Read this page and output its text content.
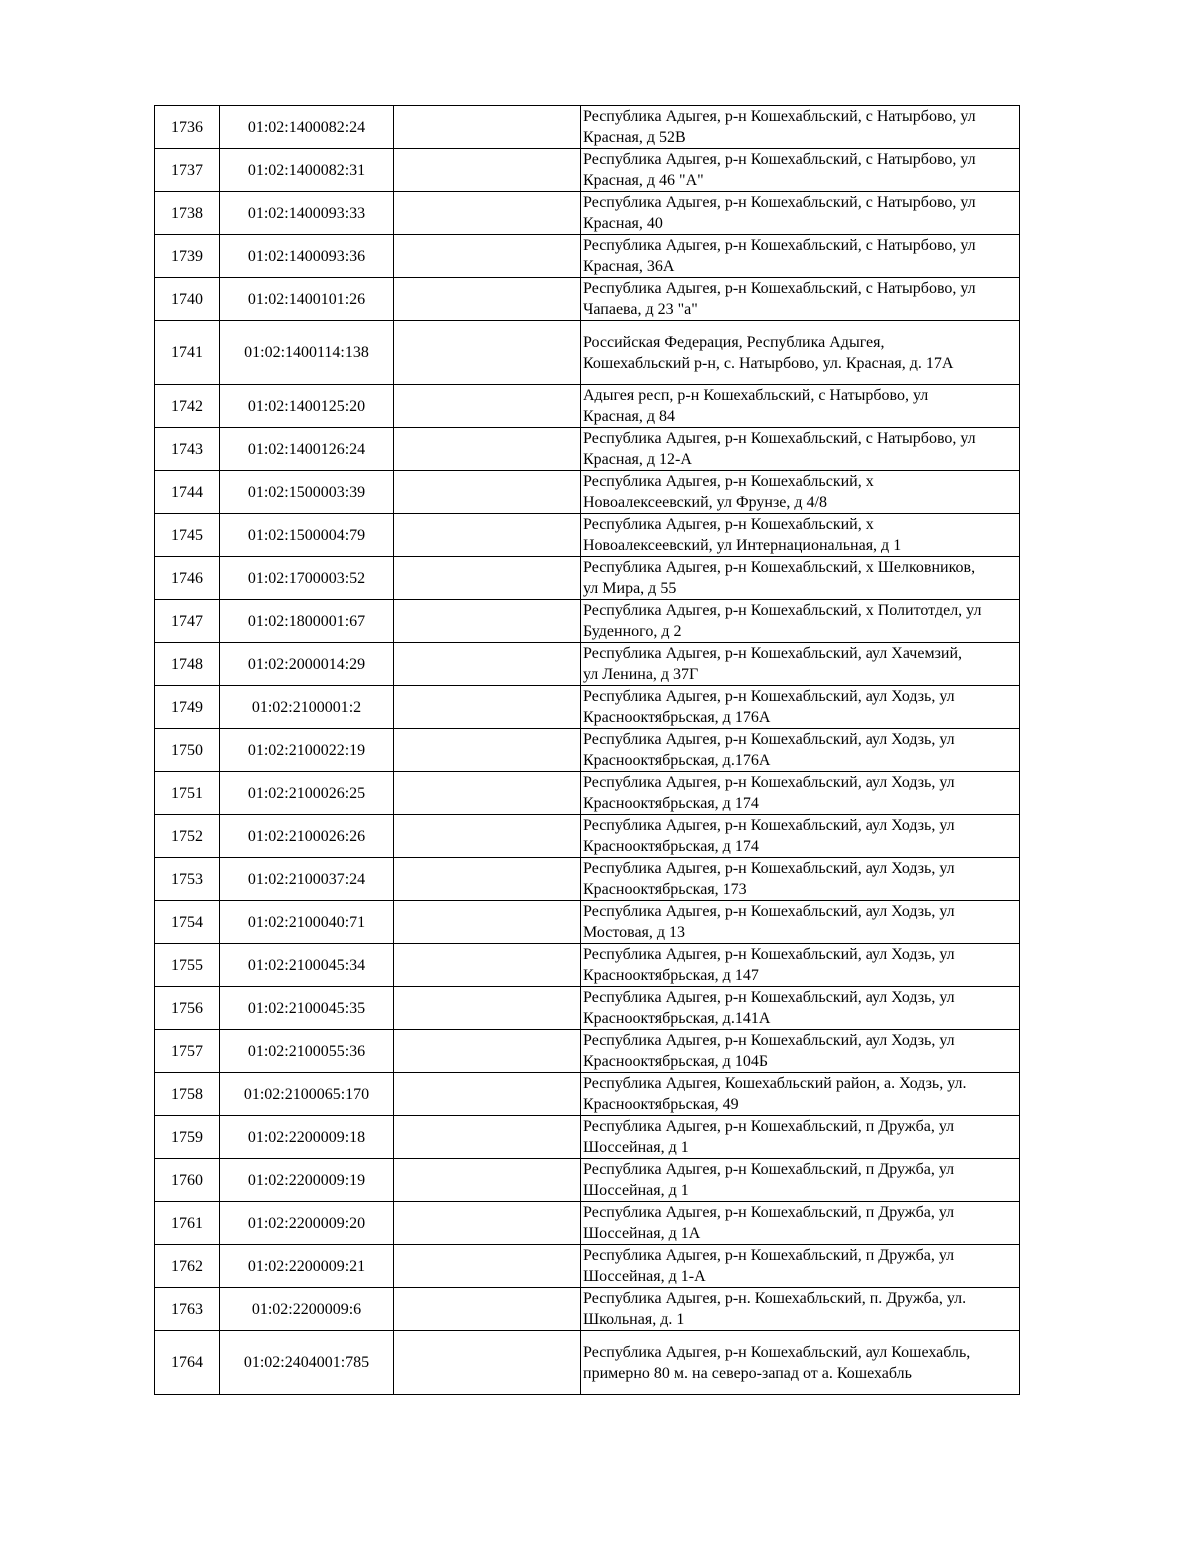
1736	01:02:1400082:24		Республика Адыгея, р-н Кошехабльский, с Натырбово, ул
Красная, д 52В

1737	01:02:1400082:31		Республика Адыгея, р-н Кошехабльский, с Натырбово, ул
Красная, д 46 "А"

1738	01:02:1400093:33		Республика Адыгея, р-н Кошехабльский, с Натырбово, ул
Красная, 40

1739	01:02:1400093:36		Республика Адыгея, р-н Кошехабльский, с Натырбово, ул
Красная, 36А

1740	01:02:1400101:26		Республика Адыгея, р-н Кошехабльский, с Натырбово, ул
Чапаева, д 23 "а"

1741	01:02:1400114:138		Российская Федерация, Республика Адыгея,
Кошехабльский р-н, с. Натырбово, ул. Красная, д. 17А

1742	01:02:1400125:20		Адыгея респ, р-н Кошехабльский, с Натырбово, ул
Красная, д 84

1743	01:02:1400126:24		Республика Адыгея, р-н Кошехабльский, с Натырбово, ул
Красная, д 12-А

1744	01:02:1500003:39		Республика Адыгея, р-н Кошехабльский, х
Новоалексеевский, ул Фрунзе, д 4/8

1745	01:02:1500004:79		Республика Адыгея, р-н Кошехабльский, х
Новоалексеевский, ул Интернациональная, д 1

1746	01:02:1700003:52		Республика Адыгея, р-н Кошехабльский, х Шелковников,
ул Мира, д 55

1747	01:02:1800001:67		Республика Адыгея, р-н Кошехабльский, х Политотдел, ул
Буденного, д 2

1748	01:02:2000014:29		Республика Адыгея, р-н Кошехабльский, аул Хачемзий,
ул Ленина, д 37Г

1749	01:02:2100001:2		Республика Адыгея, р-н Кошехабльский, аул Ходзь, ул
Краснооктябрьская, д 176А

1750	01:02:2100022:19		Республика Адыгея, р-н Кошехабльский, аул Ходзь, ул
Краснооктябрьская, д.176А

1751	01:02:2100026:25		Республика Адыгея, р-н Кошехабльский, аул Ходзь, ул
Краснооктябрьская, д 174

1752	01:02:2100026:26		Республика Адыгея, р-н Кошехабльский, аул Ходзь, ул
Краснооктябрьская, д 174

1753	01:02:2100037:24		Республика Адыгея, р-н Кошехабльский, аул Ходзь, ул
Краснооктябрьская, 173

1754	01:02:2100040:71		Республика Адыгея, р-н Кошехабльский, аул Ходзь, ул
Мостовая, д 13

1755	01:02:2100045:34		Республика Адыгея, р-н Кошехабльский, аул Ходзь, ул
Краснооктябрьская, д 147

1756	01:02:2100045:35		Республика Адыгея, р-н Кошехабльский, аул Ходзь, ул
Краснооктябрьская, д.141А

1757	01:02:2100055:36		Республика Адыгея, р-н Кошехабльский, аул Ходзь, ул
Краснооктябрьская, д 104Б

1758	01:02:2100065:170		Республика Адыгея, Кошехабльский район, а. Ходзь, ул.
Краснооктябрьская, 49

1759	01:02:2200009:18		Республика Адыгея, р-н Кошехабльский, п Дружба, ул
Шоссейная, д 1

1760	01:02:2200009:19		Республика Адыгея, р-н Кошехабльский, п Дружба, ул
Шоссейная, д 1

1761	01:02:2200009:20		Республика Адыгея, р-н Кошехабльский, п Дружба, ул
Шоссейная, д 1А

1762	01:02:2200009:21		Республика Адыгея, р-н Кошехабльский, п Дружба, ул
Шоссейная, д 1-А

1763	01:02:2200009:6		Республика Адыгея, р-н. Кошехабльский, п. Дружба, ул.
Школьная, д. 1

1764	01:02:2404001:785		Республика Адыгея, р-н Кошехабльский, аул Кошехабль,
примерно 80 м. на северо-запад от а. Кошехабль
